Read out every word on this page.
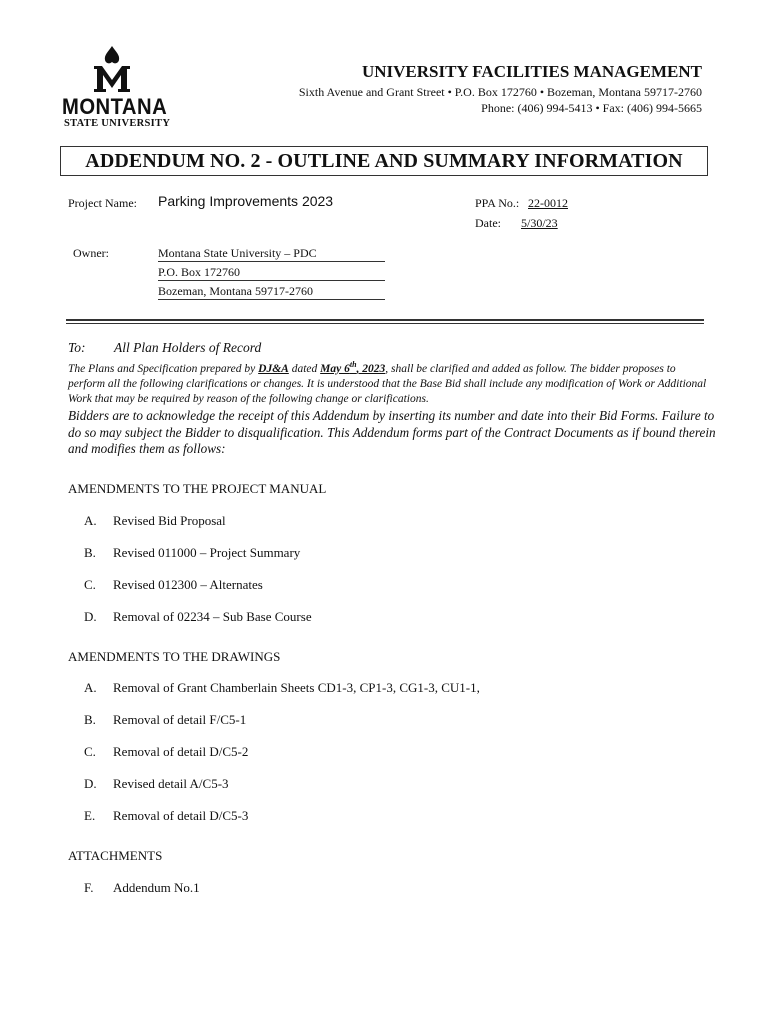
MONTANA
STATE UNIVERSITY
UNIVERSITY FACILITIES MANAGEMENT
Sixth Avenue and Grant Street • P.O. Box 172760 • Bozeman, Montana 59717-2760
Phone: (406) 994-5413 • Fax: (406) 994-5665
ADDENDUM NO. 2 - OUTLINE AND SUMMARY INFORMATION
Project Name: Parking Improvements 2023	PPA No.: 22-0012
Date: 5/30/23
Owner:	Montana State University – PDC
P.O. Box 172760
Bozeman, Montana 59717-2760
To: All Plan Holders of Record
The Plans and Specification prepared by DJ&A dated May 6th, 2023, shall be clarified and added as follow. The bidder proposes to perform all the following clarifications or changes. It is understood that the Base Bid shall include any modification of Work or Additional Work that may be required by reason of the following change or clarifications.
Bidders are to acknowledge the receipt of this Addendum by inserting its number and date into their Bid Forms. Failure to do so may subject the Bidder to disqualification. This Addendum forms part of the Contract Documents as if bound therein and modifies them as follows:
AMENDMENTS TO THE PROJECT MANUAL
A. Revised Bid Proposal
B. Revised 011000 – Project Summary
C. Revised 012300 – Alternates
D. Removal of 02234 – Sub Base Course
AMENDMENTS TO THE DRAWINGS
A. Removal of Grant Chamberlain Sheets CD1-3, CP1-3, CG1-3, CU1-1,
B. Removal of detail F/C5-1
C. Removal of detail D/C5-2
D. Revised detail A/C5-3
E. Removal of detail D/C5-3
ATTACHMENTS
F. Addendum No.1
